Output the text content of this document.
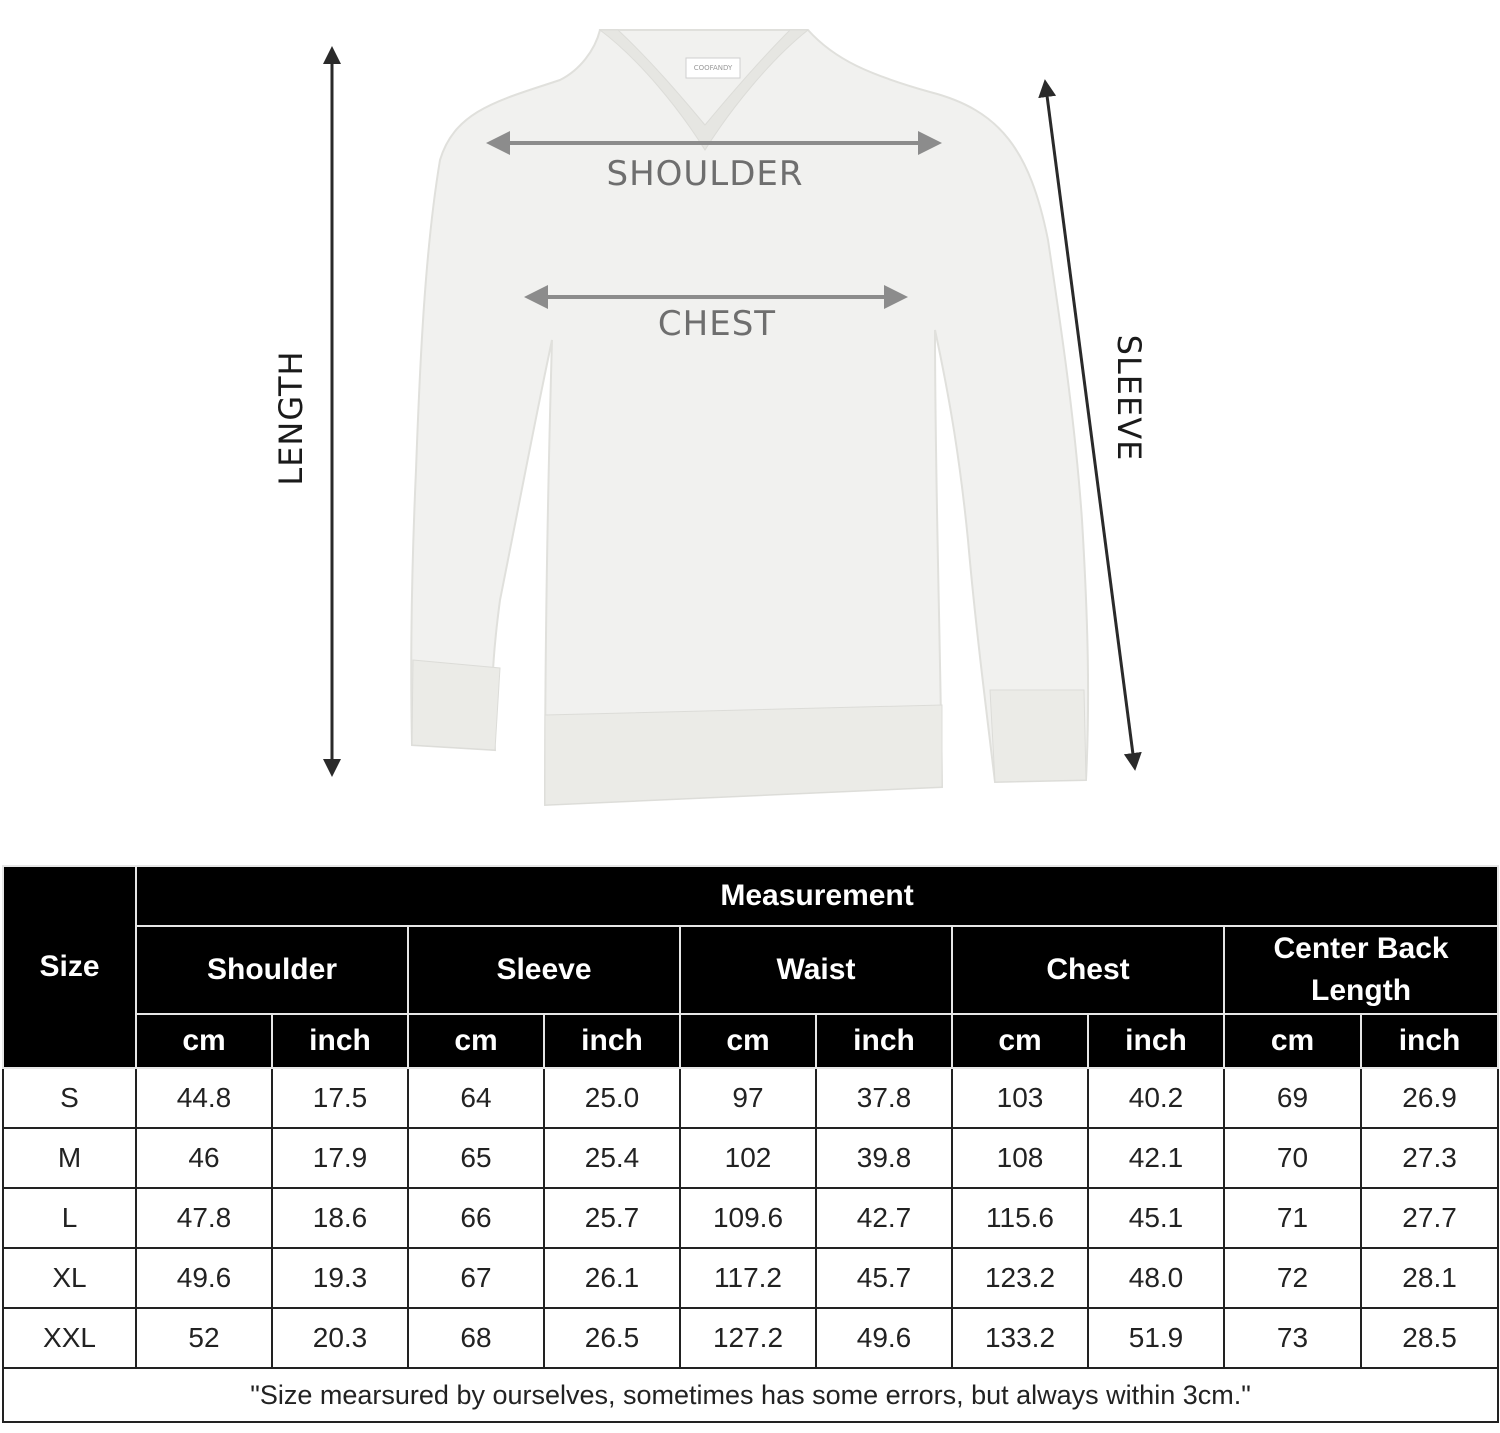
COOFANDY
SHOULDER
CHEST
LENGTH	SLEEVE
Size	Measurement									
	Shoulder		Sleeve		Waist		Chest		Center Back Length	
	cm	inch	cm	inch	cm	inch	cm	inch	cm	inch
S	44.8	17.5	64	25.0	97	37.8	103	40.2	69	26.9
M	46	17.9	65	25.4	102	39.8	108	42.1	70	27.3
L	47.8	18.6	66	25.7	109.6	42.7	115.6	45.1	71	27.7
XL	49.6	19.3	67	26.1	117.2	45.7	123.2	48.0	72	28.1
XXL	52	20.3	68	26.5	127.2	49.6	133.2	51.9	73	28.5
"Size mearsured by ourselves, sometimes has some errors, but always within 3cm."										
